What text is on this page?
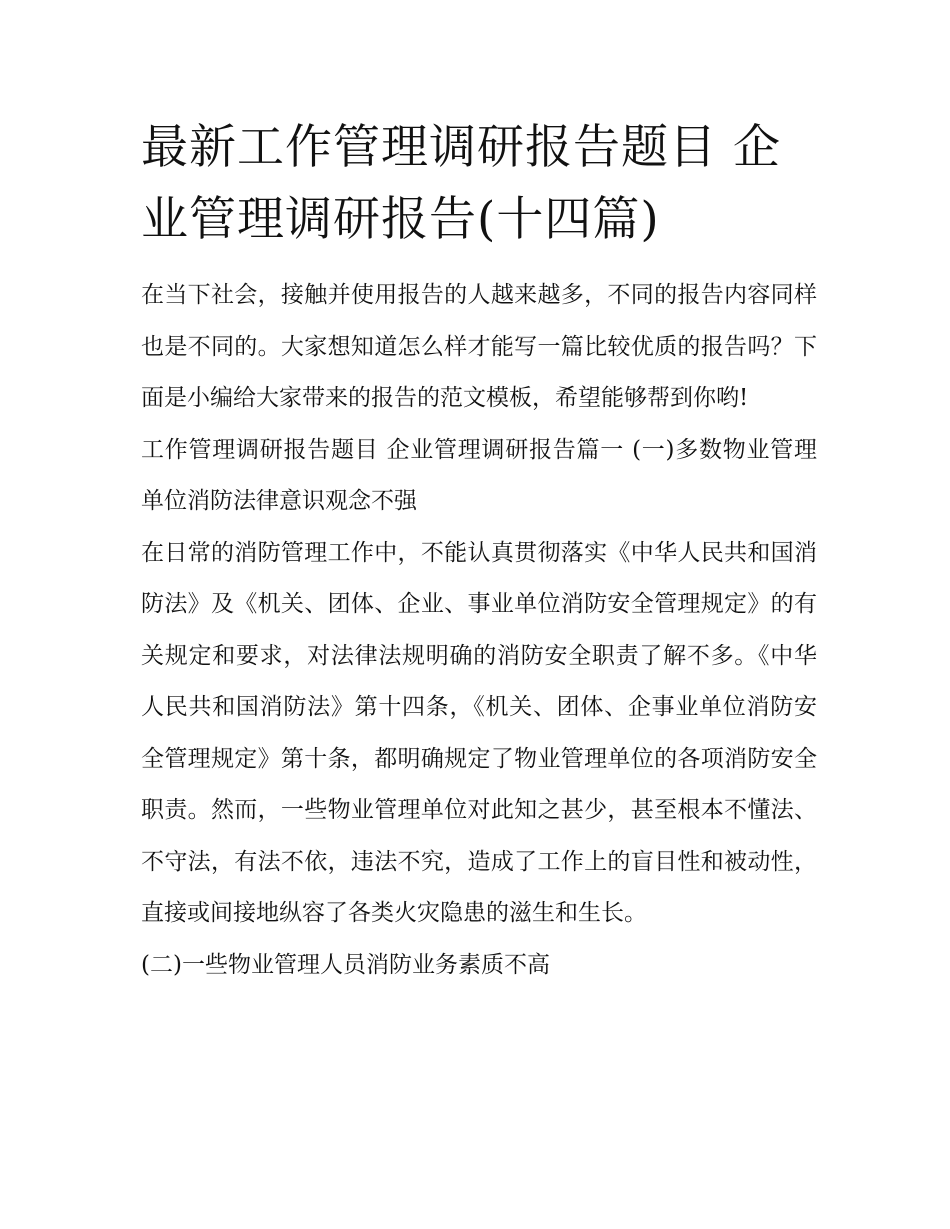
最新工作管理调研报告题目 企业管理调研报告(十四篇)

在当下社会，接触并使用报告的人越来越多，不同的报告内容同样也是不同的。大家想知道怎么样才能写一篇比较优质的报告吗？下面是小编给大家带来的报告的范文模板，希望能够帮到你哟!

工作管理调研报告题目 企业管理调研报告篇一 (一)多数物业管理单位消防法律意识观念不强

在日常的消防管理工作中，不能认真贯彻落实《中华人民共和国消防法》及《机关、团体、企业、事业单位消防安全管理规定》的有关规定和要求，对法律法规明确的消防安全职责了解不多。《中华人民共和国消防法》第十四条，《机关、团体、企事业单位消防安全管理规定》第十条，都明确规定了物业管理单位的各项消防安全职责。然而，一些物业管理单位对此知之甚少，甚至根本不懂法、不守法，有法不依，违法不究，造成了工作上的盲目性和被动性，直接或间接地纵容了各类火灾隐患的滋生和生长。

(二)一些物业管理人员消防业务素质不高
